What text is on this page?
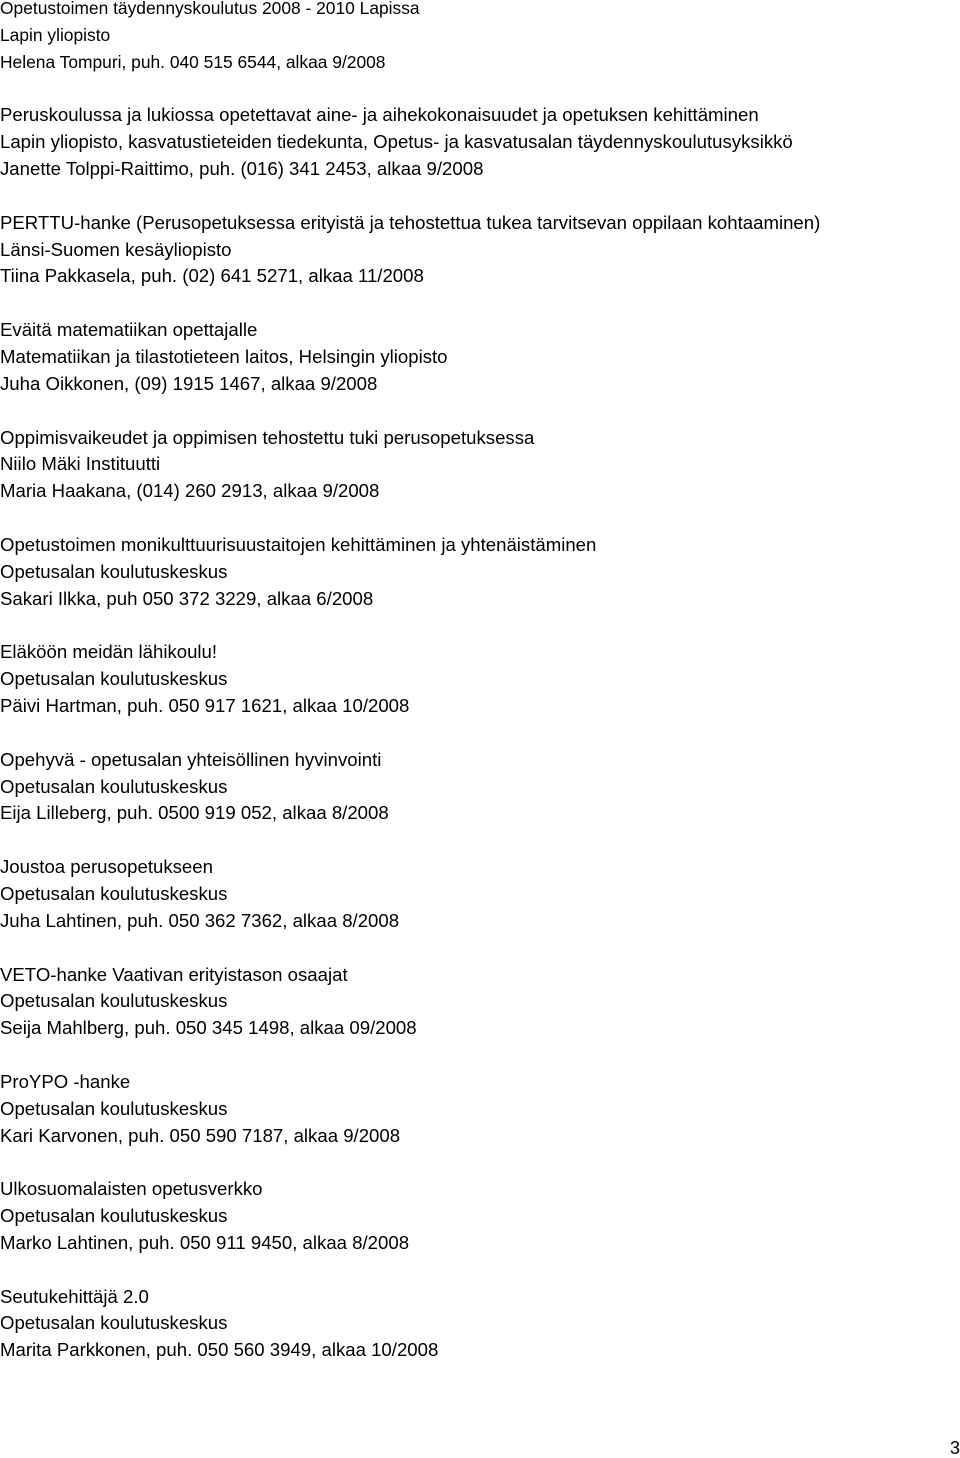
Opetustoimen täydennyskoulutus 2008 - 2010 Lapissa
Lapin yliopisto
Helena Tompuri, puh. 040 515 6544, alkaa 9/2008
Peruskoulussa ja lukiossa opetettavat aine- ja aihekokonaisuudet ja opetuksen kehittäminen
Lapin yliopisto, kasvatustieteiden tiedekunta, Opetus- ja kasvatusalan täydennyskoulutusyksikkö
Janette Tolppi-Raittimo, puh. (016) 341 2453, alkaa 9/2008
PERTTU-hanke (Perusopetuksessa erityistä ja tehostettua tukea tarvitsevan oppilaan kohtaaminen)
Länsi-Suomen kesäyliopisto
Tiina Pakkasela, puh. (02) 641 5271, alkaa 11/2008
Eväitä matematiikan opettajalle
Matematiikan ja tilastotieteen laitos, Helsingin yliopisto
Juha Oikkonen, (09) 1915 1467, alkaa 9/2008
Oppimisvaikeudet ja oppimisen tehostettu tuki perusopetuksessa
Niilo Mäki Instituutti
Maria Haakana, (014) 260 2913, alkaa 9/2008
Opetustoimen monikulttuurisuustaitojen kehittäminen ja yhtenäistäminen
Opetusalan koulutuskeskus
Sakari Ilkka, puh 050 372 3229, alkaa 6/2008
Eläköön meidän lähikoulu!
Opetusalan koulutuskeskus
Päivi Hartman, puh. 050 917 1621, alkaa 10/2008
Opehyvä - opetusalan yhteisöllinen hyvinvointi
Opetusalan koulutuskeskus
Eija Lilleberg, puh. 0500 919 052, alkaa 8/2008
Joustoa perusopetukseen
Opetusalan koulutuskeskus
Juha Lahtinen, puh. 050 362 7362, alkaa 8/2008
VETO-hanke Vaativan erityistason osaajat
Opetusalan koulutuskeskus
Seija Mahlberg, puh. 050 345 1498, alkaa 09/2008
ProYPO -hanke
Opetusalan koulutuskeskus
Kari Karvonen, puh. 050 590 7187, alkaa 9/2008
Ulkosuomalaisten opetusverkko
Opetusalan koulutuskeskus
Marko Lahtinen, puh. 050 911 9450, alkaa 8/2008
Seutukehittäjä 2.0
Opetusalan koulutuskeskus
Marita Parkkonen, puh. 050 560 3949, alkaa 10/2008
3
